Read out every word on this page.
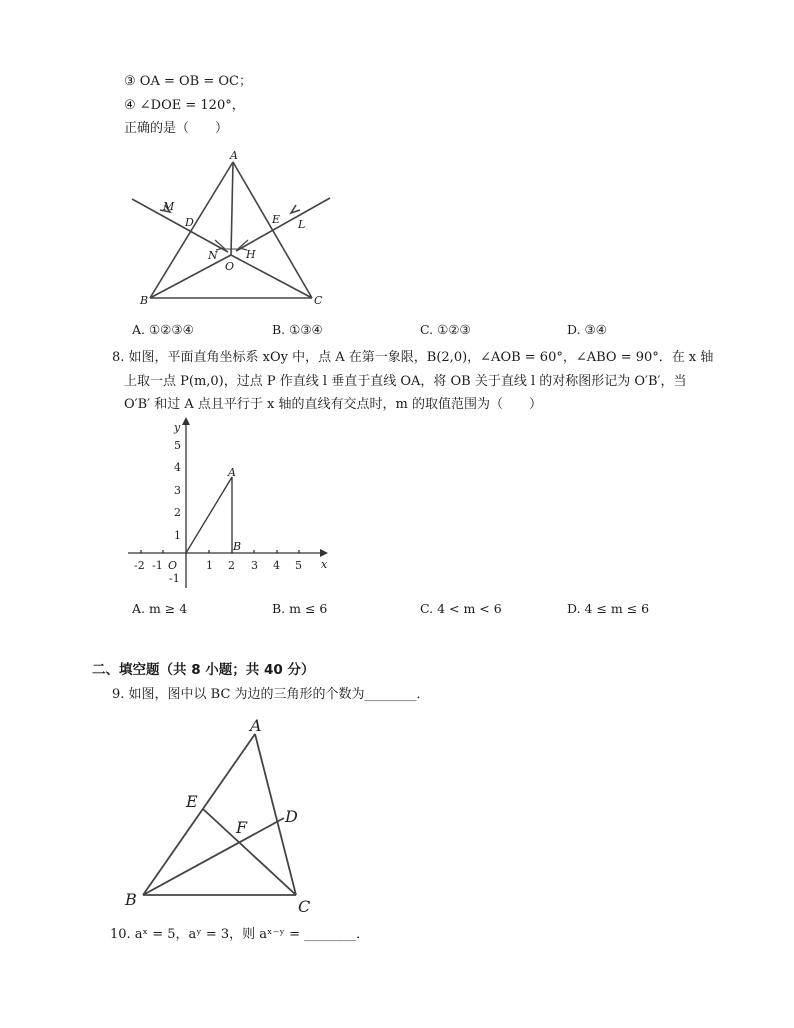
③ OA = OB = OC；
④ ∠DOE = 120°，
正确的是（　　）
A
B	C
D	E
M
L
N	H
O
A. ①②③④	B. ①③④	C. ①②③	D. ③④
8. 如图，平面直角坐标系 xOy 中，点 A 在第一象限，B(2,0)，∠AOB = 60°，∠ABO = 90°．在 x 轴
上取一点 P(m,0)，过点 P 作直线 l 垂直于直线 OA，将 OB 关于直线 l 的对称图形记为 O′B′，当
O′B′ 和过 A 点且平行于 x 轴的直线有交点时，m 的取值范围为（　　）
x
y
O
-2 -1	1 2 3 4 5
5
4
3
2
1
-1
A
B
A. m ≥ 4	B. m ≤ 6	C. 4 < m < 6	D. 4 ≤ m ≤ 6
二、填空题（共 8 小题；共 40 分）
9. 如图，图中以 BC 为边的三角形的个数为________．
A
B	C
D
E
F
10. aˣ = 5，aʸ = 3，则 aˣ⁻ʸ = ________．
